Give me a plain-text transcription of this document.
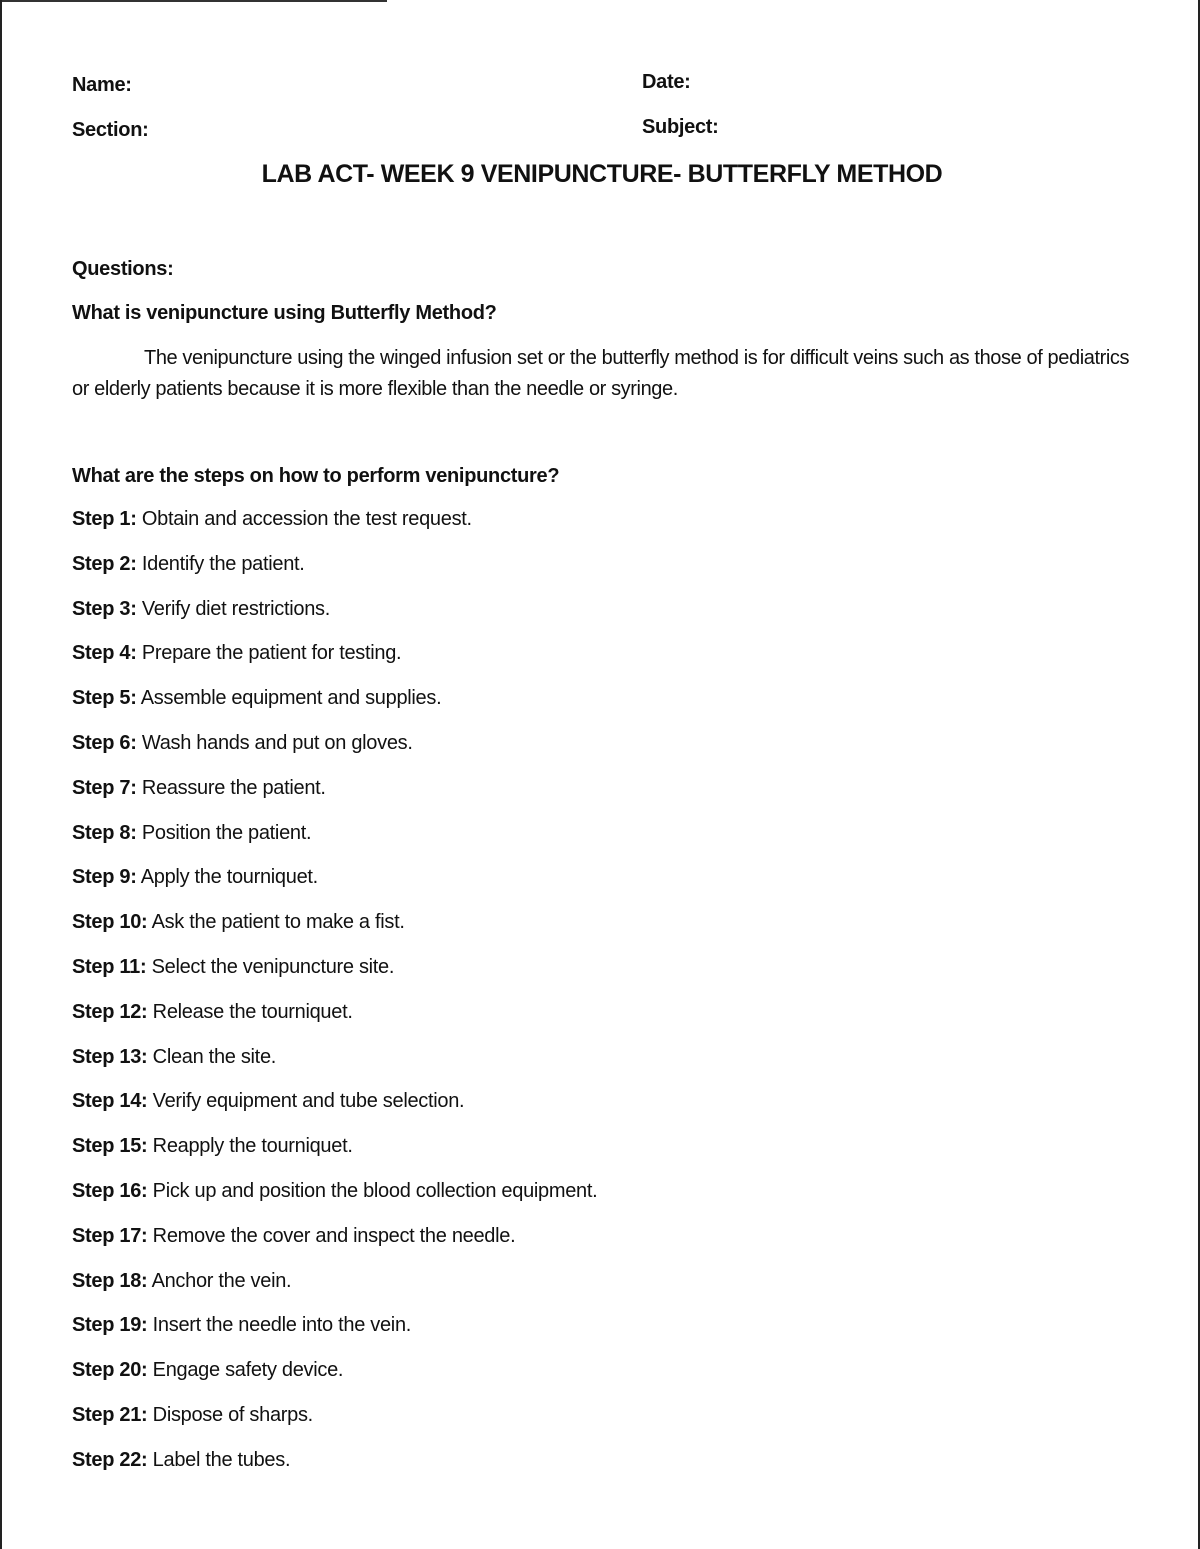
Name:	Date:
Section:	Subject:
LAB ACT- WEEK 9 VENIPUNCTURE- BUTTERFLY METHOD
Questions:
What is venipuncture using Butterfly Method?
The venipuncture using the winged infusion set or the butterfly method is for difficult veins such as those of pediatrics or elderly patients because it is more flexible than the needle or syringe.
What are the steps on how to perform venipuncture?
Step 1: Obtain and accession the test request.
Step 2: Identify the patient.
Step 3: Verify diet restrictions.
Step 4: Prepare the patient for testing.
Step 5: Assemble equipment and supplies.
Step 6: Wash hands and put on gloves.
Step 7: Reassure the patient.
Step 8: Position the patient.
Step 9: Apply the tourniquet.
Step 10: Ask the patient to make a fist.
Step 11: Select the venipuncture site.
Step 12: Release the tourniquet.
Step 13: Clean the site.
Step 14: Verify equipment and tube selection.
Step 15: Reapply the tourniquet.
Step 16: Pick up and position the blood collection equipment.
Step 17: Remove the cover and inspect the needle.
Step 18: Anchor the vein.
Step 19: Insert the needle into the vein.
Step 20: Engage safety device.
Step 21: Dispose of sharps.
Step 22: Label the tubes.
